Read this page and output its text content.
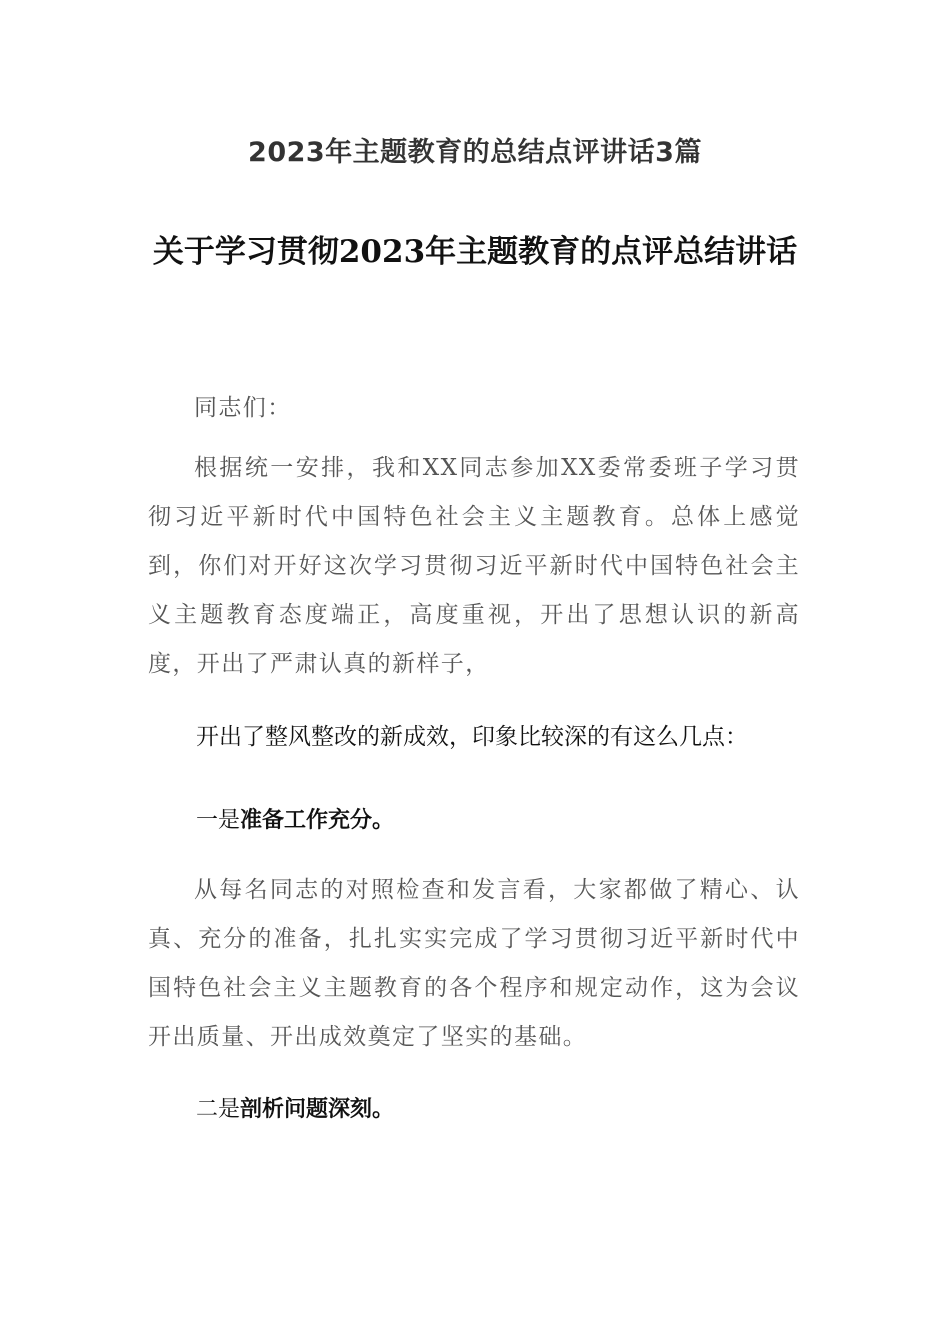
2023年主题教育的总结点评讲话3篇
关于学习贯彻2023年主题教育的点评总结讲话

同志们：

根据统一安排，我和XX同志参加XX委常委班子学习贯彻习近平新时代中国特色社会主义主题教育。总体上感觉到，你们对开好这次学习贯彻习近平新时代中国特色社会主义主题教育态度端正，高度重视，开出了思想认识的新高度，开出了严肃认真的新样子，

开出了整风整改的新成效，印象比较深的有这么几点：

一是准备工作充分。

从每名同志的对照检查和发言看，大家都做了精心、认真、充分的准备，扎扎实实完成了学习贯彻习近平新时代中国特色社会主义主题教育的各个程序和规定动作，这为会议开出质量、开出成效奠定了坚实的基础。

二是剖析问题深刻。
